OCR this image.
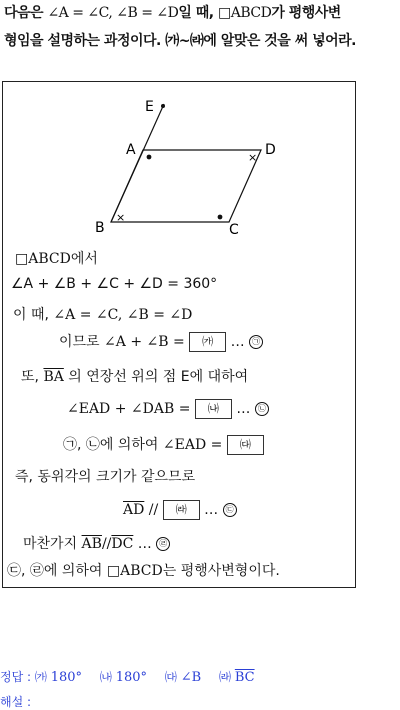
다음은 ∠A = ∠C, ∠B = ∠D일 때, □ABCD가 평행사변
형임을 설명하는 과정이다. ㈎~㈑에 알맞은 것을 써 넣어라.
×
×
E
A	D
B	C
□ABCD에서
∠A + ∠B + ∠C + ∠D = 360°
이 때, ∠A = ∠C, ∠B = ∠D
이므로 ∠A + ∠B = ㈎ … ㉠
또, $\overline{BA}$ 의 연장선 위의 점 E에 대하여
∠EAD + ∠DAB = ㈏ … ㉡
㉠, ㉡에 의하여 ∠EAD = ㈐
즉, 동위각의 크기가 같으므로
$\overline{AD}$ // ㈑ … ㉢
마찬가지 $\overline{AB}//\overline{DC}$ … ㉣
㉢, ㉣에 의하여 □ABCD는 평행사변형이다.
정답 : ㈎ 180° ㈏ 180° ㈐ ∠B ㈑ $\overline{BC}$
해설 :
